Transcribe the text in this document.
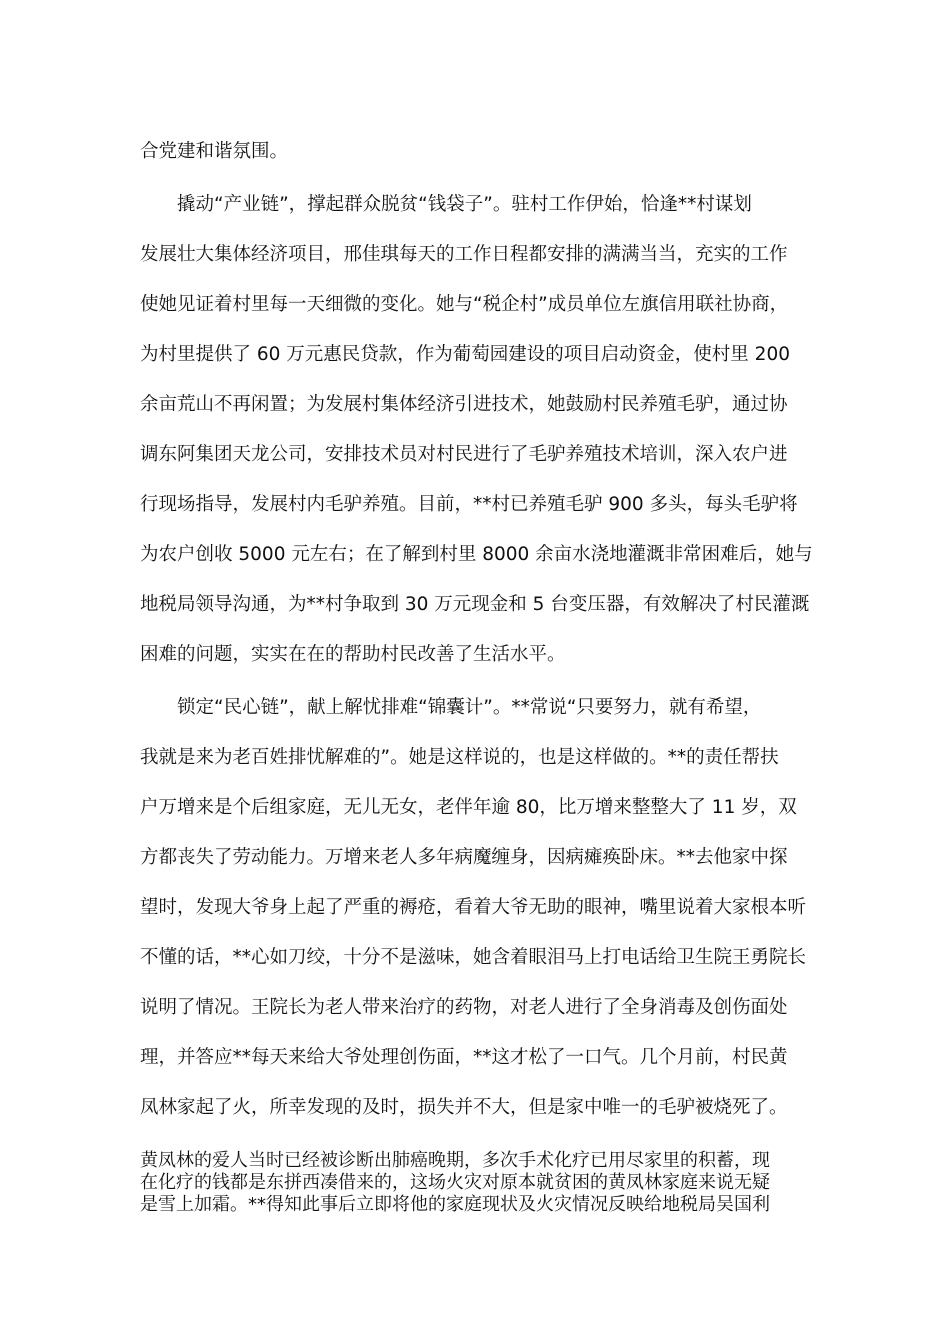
合党建和谐氛围。
撬动“产业链”，撑起群众脱贫“钱袋子”。驻村工作伊始，恰逢**村谋划
发展壮大集体经济项目，邢佳琪每天的工作日程都安排的满满当当，充实的工作
使她见证着村里每一天细微的变化。她与“税企村”成员单位左旗信用联社协商，
为村里提供了 60 万元惠民贷款，作为葡萄园建设的项目启动资金，使村里 200
余亩荒山不再闲置；为发展村集体经济引进技术，她鼓励村民养殖毛驴，通过协
调东阿集团天龙公司，安排技术员对村民进行了毛驴养殖技术培训，深入农户进
行现场指导，发展村内毛驴养殖。目前，**村已养殖毛驴 900 多头，每头毛驴将
为农户创收 5000 元左右；在了解到村里 8000 余亩水浇地灌溉非常困难后，她与
地税局领导沟通，为**村争取到 30 万元现金和 5 台变压器，有效解决了村民灌溉
困难的问题，实实在在的帮助村民改善了生活水平。
锁定“民心链”，献上解忧排难“锦囊计”。**常说“只要努力，就有希望，
我就是来为老百姓排忧解难的”。她是这样说的，也是这样做的。**的责任帮扶
户万增来是个后组家庭，无儿无女，老伴年逾 80，比万增来整整大了 11 岁，双
方都丧失了劳动能力。万增来老人多年病魔缠身，因病瘫痪卧床。**去他家中探
望时，发现大爷身上起了严重的褥疮，看着大爷无助的眼神，嘴里说着大家根本听
不懂的话，**心如刀绞，十分不是滋味，她含着眼泪马上打电话给卫生院王勇院长
说明了情况。王院长为老人带来治疗的药物，对老人进行了全身消毒及创伤面处
理，并答应**每天来给大爷处理创伤面，**这才松了一口气。几个月前，村民黄
凤林家起了火，所幸发现的及时，损失并不大，但是家中唯一的毛驴被烧死了。
黄凤林的爱人当时已经被诊断出肺癌晚期，多次手术化疗已用尽家里的积蓄，现
在化疗的钱都是东拼西凑借来的，这场火灾对原本就贫困的黄凤林家庭来说无疑
是雪上加霜。**得知此事后立即将他的家庭现状及火灾情况反映给地税局吴国利
